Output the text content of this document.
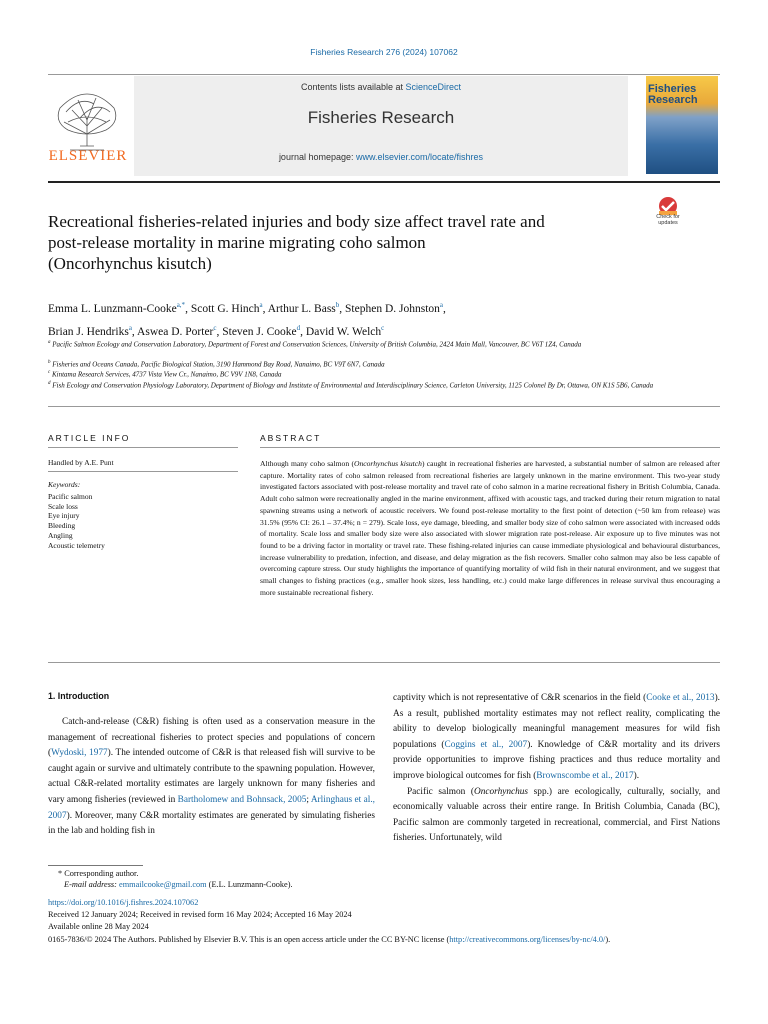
Fisheries Research 276 (2024) 107062
ELSEVIER
Contents lists available at ScienceDirect
Fisheries Research
journal homepage: www.elsevier.com/locate/fishres
Fisheries Research
Check for updates
Recreational fisheries-related injuries and body size affect travel rate and
post-release mortality in marine migrating coho salmon
(Oncorhynchus kisutch)
Emma L. Lunzmann-Cooke$^{a,*}$, Scott G. Hinch$^a$, Arthur L. Bass$^b$, Stephen D. Johnston$^a$,
Brian J. Hendriks$^a$, Aswea D. Porter$^c$, Steven J. Cooke$^d$, David W. Welch$^c$
$^a$ Pacific Salmon Ecology and Conservation Laboratory, Department of Forest and Conservation Sciences, University of British Columbia, 2424 Main Mall, Vancouver, BC V6T 1Z4, Canada
$^b$ Fisheries and Oceans Canada, Pacific Biological Station, 3190 Hammond Bay Road, Nanaimo, BC V9T 6N7, Canada
$^c$ Kintama Research Services, 4737 Vista View Cr., Nanaimo, BC V9V 1N8, Canada
$^d$ Fish Ecology and Conservation Physiology Laboratory, Department of Biology and Institute of Environmental and Interdisciplinary Science, Carleton University, 1125 Colonel By Dr, Ottawa, ON K1S 5B6, Canada
ARTICLE INFO
Handled by A.E. Punt
Keywords:
Pacific salmon
Scale loss
Eye injury
Bleeding
Angling
Acoustic telemetry
ABSTRACT
Although many coho salmon (Oncorhynchus kisutch) caught in recreational fisheries are harvested, a substantial number of salmon are released after capture. Mortality rates of coho salmon released from recreational fisheries are largely unknown in the marine environment. This two-year study investigated factors associated with post-release mortality and travel rate of coho salmon in a marine recreational fishery in British Columbia, Canada. Adult coho salmon were recreationally angled in the marine environment, affixed with acoustic tags, and tracked during their return migration to natal spawning streams using a network of acoustic receivers. We found post-release mortality to the first point of detection (~50 km from release) was 31.5% (95% CI: 26.1 – 37.4%; n = 279). Scale loss, eye damage, bleeding, and smaller body size of coho salmon were associated with increased odds of mortality. Scale loss and smaller body size were also associated with slower migration rate post-release. Air exposure up to five minutes was not found to be a driving factor in mortality or travel rate. These fishing-related injuries can cause immediate physiological and behavioural disturbances, increase vulnerability to predation, infection, and disease, and delay migration as the fish recovers. Smaller coho salmon may also be less capable of overcoming capture stress. Our study highlights the importance of quantifying mortality of wild fish in their natural environment, and we suggest that small changes to fishing practices (e.g., smaller hook sizes, less handling, etc.) could make large differences in release survival thus encouraging a more sustainable recreational fishery.
1. Introduction
Catch-and-release (C&R) fishing is often used as a conservation measure in the management of recreational fisheries to protect species and populations of concern (Wydoski, 1977). The intended outcome of C&R is that released fish will survive to be caught again or survive and ultimately contribute to the spawning population. However, actual C&R-related mortality estimates are largely unknown for many fisheries and vary among fisheries (reviewed in Bartholomew and Bohnsack, 2005; Arlinghaus et al., 2007). Moreover, many C&R mortality estimates are generated by simulating fisheries in the lab and holding fish in
captivity which is not representative of C&R scenarios in the field (Cooke et al., 2013). As a result, published mortality estimates may not reflect reality, complicating the ability to develop biologically meaningful management measures for wild fish populations (Coggins et al., 2007). Knowledge of C&R mortality and its drivers provide opportunities to improve fishing practices and thus reduce mortality and improve biological outcomes for fish (Brownscombe et al., 2017).
Pacific salmon (Oncorhynchus spp.) are ecologically, culturally, socially, and economically valuable across their entire range. In British Columbia, Canada (BC), Pacific salmon are commonly targeted in recreational, commercial, and First Nations fisheries. Unfortunately, wild
* Corresponding author.
E-mail address: emmailcooke@gmail.com (E.L. Lunzmann-Cooke).
https://doi.org/10.1016/j.fishres.2024.107062
Received 12 January 2024; Received in revised form 16 May 2024; Accepted 16 May 2024
Available online 28 May 2024
0165-7836/© 2024 The Authors. Published by Elsevier B.V. This is an open access article under the CC BY-NC license (http://creativecommons.org/licenses/by-nc/4.0/).
